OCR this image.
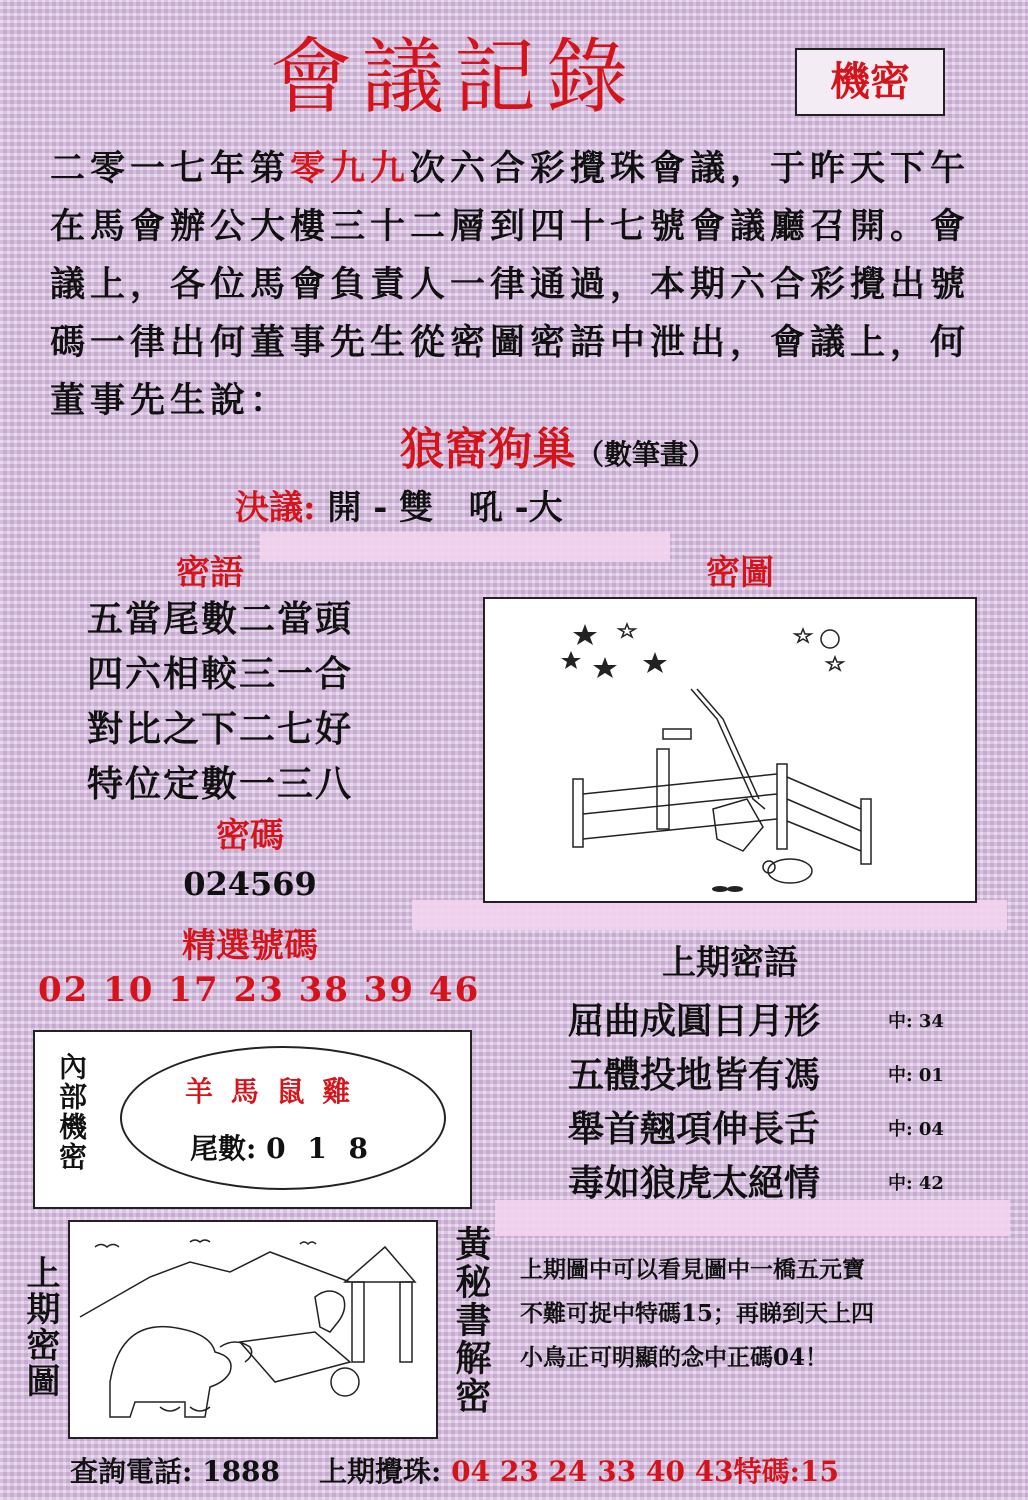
會議記錄	機密
二零一七年第零九九次六合彩攪珠會議，于昨天下午在馬會辦公大樓三十二層到四十七號會議廳召開。會議上，各位馬會負責人一律通過，本期六合彩攪出號碼一律出何董事先生從密圖密語中泄出，會議上，何董事先生說：
狼窩狗巢（數筆畫）
決議: 開 - 雙   吼 -大
密語
五當尾數二當頭
四六相較三一合
對比之下二七好
特位定數一三八
密碼
024569
精選號碼
02 10 17 23 38 39 46
密圖
上期密語
屈曲成圓日月形	中: 34
五體投地皆有馮	中: 01
舉首翹項伸長舌	中: 04
毒如狼虎太絕情	中: 42
內部機密	羊 馬 鼠 雞
尾數: 0 1 8
上期密圖	黃秘書解密 上期圖中可以看見圖中一橋五元寶
不難可捉中特碼15；再睇到天上四
小鳥正可明顯的念中正碼04！
查詢電話: 1888 上期攪珠: 04 23 24 33 40 43特碼:15
